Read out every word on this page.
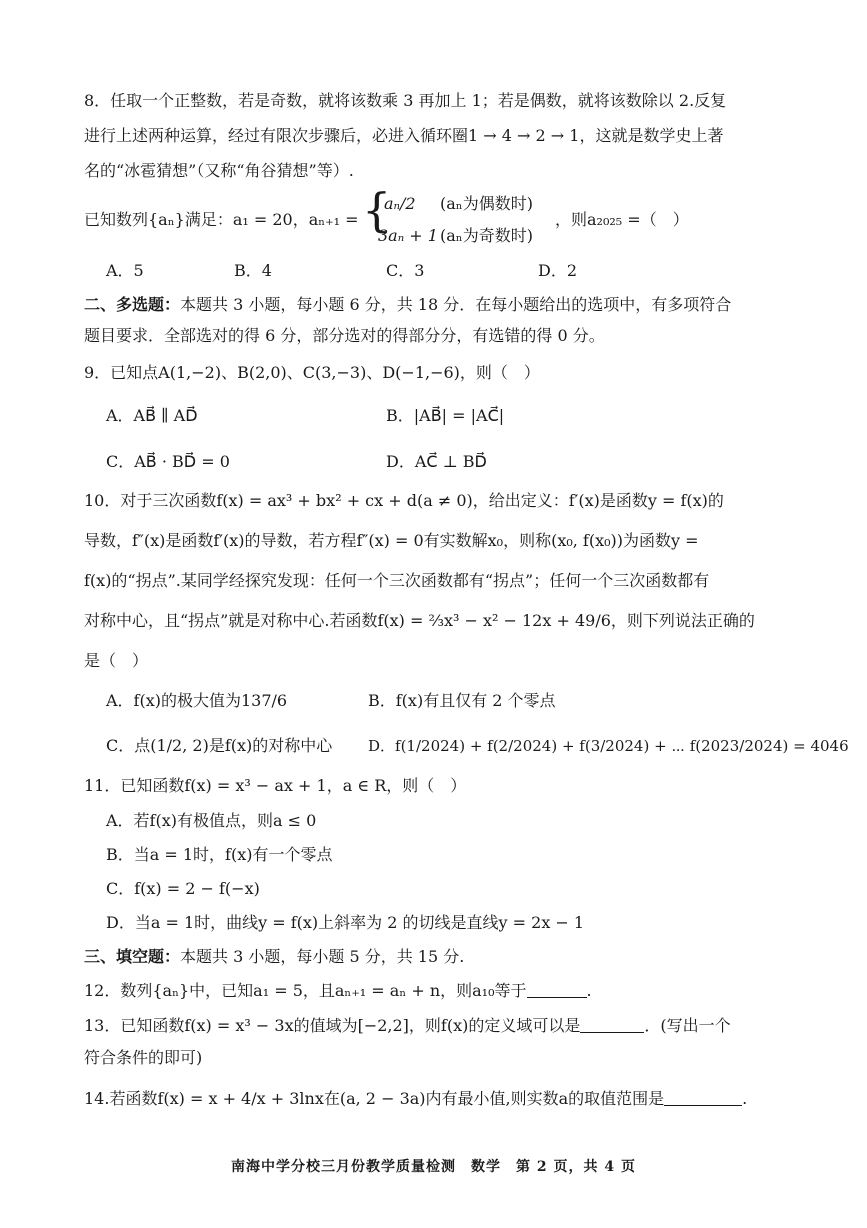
8．任取一个正整数，若是奇数，就将该数乘 3 再加上 1；若是偶数，就将该数除以 2.反复
进行上述两种运算，经过有限次步骤后，必进入循环圈1 → 4 → 2 → 1，这就是数学史上著
名的“冰雹猜想”（又称“角谷猜想”等）.
已知数列{aₙ}满足：a₁ = 20，aₙ₊₁ = {
aₙ/2 (aₙ为偶数时)
3aₙ + 1 (aₙ为奇数时)
，则a₂₀₂₅ =（　）
A．5	B．4	C．3	D．2
二、多选题：本题共 3 小题，每小题 6 分，共 18 分．在每小题给出的选项中，有多项符合
题目要求．全部选对的得 6 分，部分选对的得部分分，有选错的得 0 分。
9．已知点A(1,−2)、B(2,0)、C(3,−3)、D(−1,−6)，则（　）
A．AB⃗ ∥ AD⃗	B．|AB⃗| = |AC⃗|
C．AB⃗ · BD⃗ = 0	D．AC⃗ ⊥ BD⃗
10．对于三次函数f(x) = ax³ + bx² + cx + d(a ≠ 0)，给出定义：f′(x)是函数y = f(x)的
导数，f″(x)是函数f′(x)的导数，若方程f″(x) = 0有实数解x₀，则称(x₀, f(x₀))为函数y =
f(x)的“拐点”.某同学经探究发现：任何一个三次函数都有“拐点”；任何一个三次函数都有
对称中心，且“拐点”就是对称中心.若函数f(x) = ⅔x³ − x² − 12x + 49/6，则下列说法正确的
是（　）
A．f(x)的极大值为137/6	B．f(x)有且仅有 2 个零点
C．点(1/2, 2)是f(x)的对称中心 D．f(1/2024) + f(2/2024) + f(3/2024) + ⋯ f(2023/2024) = 4046
11．已知函数f(x) = x³ − ax + 1，a ∈ R，则（　）
A．若f(x)有极值点，则a ≤ 0
B．当a = 1时，f(x)有一个零点
C．f(x) = 2 − f(−x)
D．当a = 1时，曲线y = f(x)上斜率为 2 的切线是直线y = 2x − 1
三、填空题：本题共 3 小题，每小题 5 分，共 15 分.
12．数列{aₙ}中，已知a₁ = 5，且aₙ₊₁ = aₙ + n，则a₁₀等于	.
13．已知函数f(x) = x³ − 3x的值域为[−2,2]，则f(x)的定义域可以是	．(写出一个
符合条件的即可)
14.若函数f(x) = x + 4/x + 3lnx在(a, 2 − 3a)内有最小值,则实数a的取值范围是	.
南海中学分校三月份教学质量检测　数学　第 2 页，共 4 页
